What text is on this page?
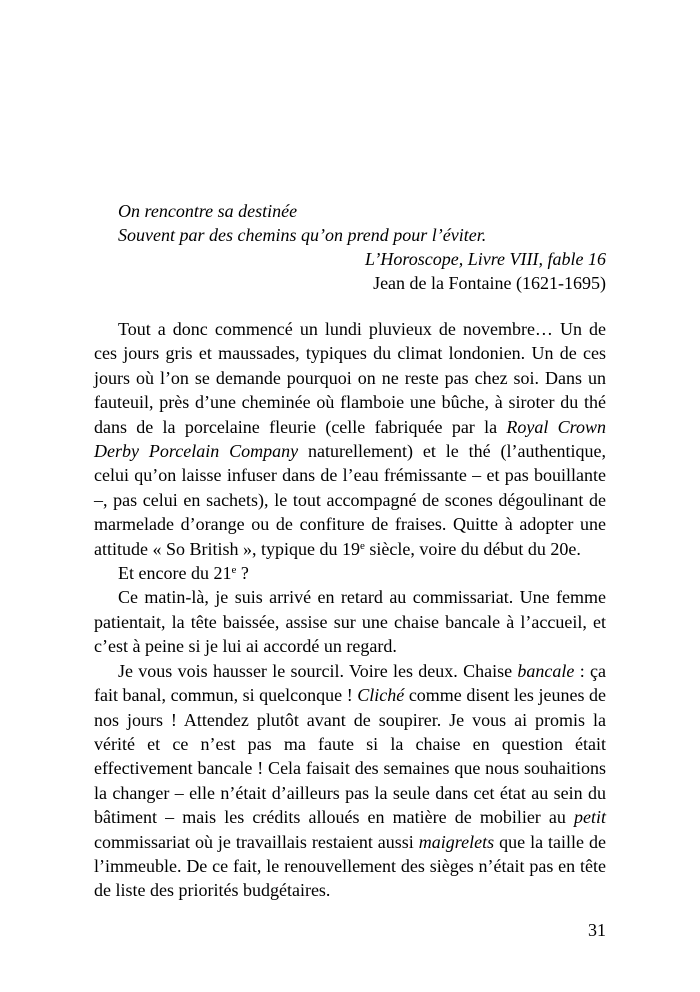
On rencontre sa destinée
Souvent par des chemins qu’on prend pour l’éviter.
L’Horoscope, Livre VIII, fable 16
Jean de la Fontaine (1621-1695)

Tout a donc commencé un lundi pluvieux de novembre… Un de ces jours gris et maussades, typiques du climat londonien. Un de ces jours où l’on se demande pourquoi on ne reste pas chez soi. Dans un fauteuil, près d’une cheminée où flamboie une bûche, à siroter du thé dans de la porcelaine fleurie (celle fabriquée par la Royal Crown Derby Porcelain Company naturellement) et le thé (l’authentique, celui qu’on laisse infuser dans de l’eau frémissante – et pas bouillante –, pas celui en sachets), le tout accompagné de scones dégoulinant de marmelade d’orange ou de confiture de fraises. Quitte à adopter une attitude « So British », typique du 19e siècle, voire du début du 20e.

Et encore du 21e ?

Ce matin-là, je suis arrivé en retard au commissariat. Une femme patientait, la tête baissée, assise sur une chaise bancale à l’accueil, et c’est à peine si je lui ai accordé un regard.

Je vous vois hausser le sourcil. Voire les deux. Chaise bancale : ça fait banal, commun, si quelconque ! Cliché comme disent les jeunes de nos jours ! Attendez plutôt avant de soupirer. Je vous ai promis la vérité et ce n’est pas ma faute si la chaise en question était effectivement bancale ! Cela faisait des semaines que nous souhaitions la changer – elle n’était d’ailleurs pas la seule dans cet état au sein du bâtiment – mais les crédits alloués en matière de mobilier au petit commissariat où je travaillais restaient aussi maigrelets que la taille de l’immeuble. De ce fait, le renouvellement des sièges n’était pas en tête de liste des priorités budgétaires.

31
